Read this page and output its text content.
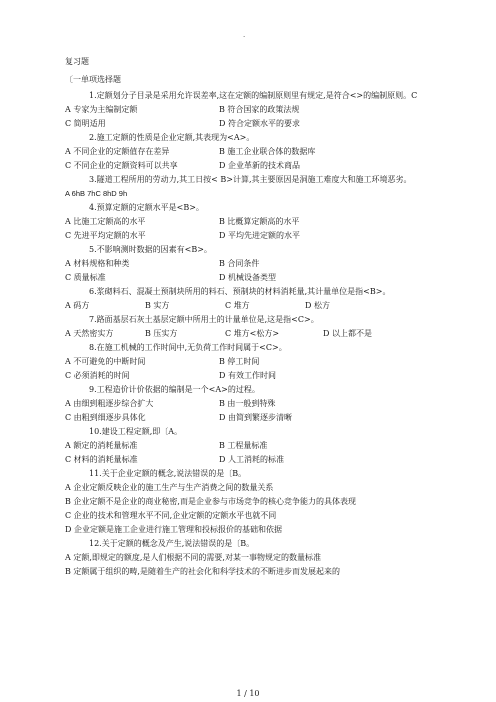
.
复习题
〔一单项选择题
1.定额划分子目录是采用允许误差率,这在定额的编制原则里有规定,是符合<>的编制原则。C
A 专家为主编制定额	B 符合国家的政策法规
C 简明适用	D 符合定额水平的要求
2.施工定额的性质是企业定额,其表现为<A>。
A 不同企业的定额值存在差异	B 施工企业联合体的数据库
C 不同企业的定额资料可以共享	D 企业革新的技术商品
3.隧道工程所用的劳动力,其工日按< B>计算,其主要原因是洞施工难度大和施工环境恶劣。
A 6hB 7hC 8hD 9h
4.预算定额的定额水平是<B>。
A 比施工定额高的水平	B 比概算定额高的水平
C 先进平均定额的水平	D 平均先进定额的水平
5.不影响测时数据的因素有<B>。
A 材料规格和种类	B 合同条件
C 质量标准	D 机械设备类型
6.浆砌料石、混凝土预制块所用的料石、预制块的材料消耗量,其计量单位是指<B>。
A 码方	B 实方	C 堆方	D 松方
7.路面基层石灰土基层定额中所用土的计量单位是,这是指<C>。
A 天然密实方	B 压实方	C 堆方<松方>	D 以上都不是
8.在施工机械的工作时间中,无负荷工作时间属于<C>。
A 不可避免的中断时间	B 停工时间
C 必须消耗的时间	D 有效工作时间
9.工程造价计价依据的编制是一个<A>的过程。
A 由细到粗逐步综合扩大	B 由一般到特殊
C 由粗到细逐步具体化	D 由简到繁逐步清晰
10.建设工程定额,即〔A。
A 额定的消耗量标准	B 工程量标准
C 材料的消耗量标准	D 人工消耗的标准
11.关于企业定额的概念,说法错误的是〔B。
A 企业定额反映企业的施工生产与生产消费之间的数量关系
B 企业定额不是企业的商业秘密,而是企业参与市场竞争的核心竞争能力的具体表现
C 企业的技术和管理水平不同,企业定额的定额水平也就不同
D 企业定额是施工企业进行施工管理和投标报价的基础和依据
12.关于定额的概念及产生,说法错误的是〔B。
A 定额,即规定的额度,是人们根据不同的需要,对某一事物规定的数量标准
B 定额属于组织的畴,是随着生产的社会化和科学技术的不断进步而发展起来的
1 / 10
